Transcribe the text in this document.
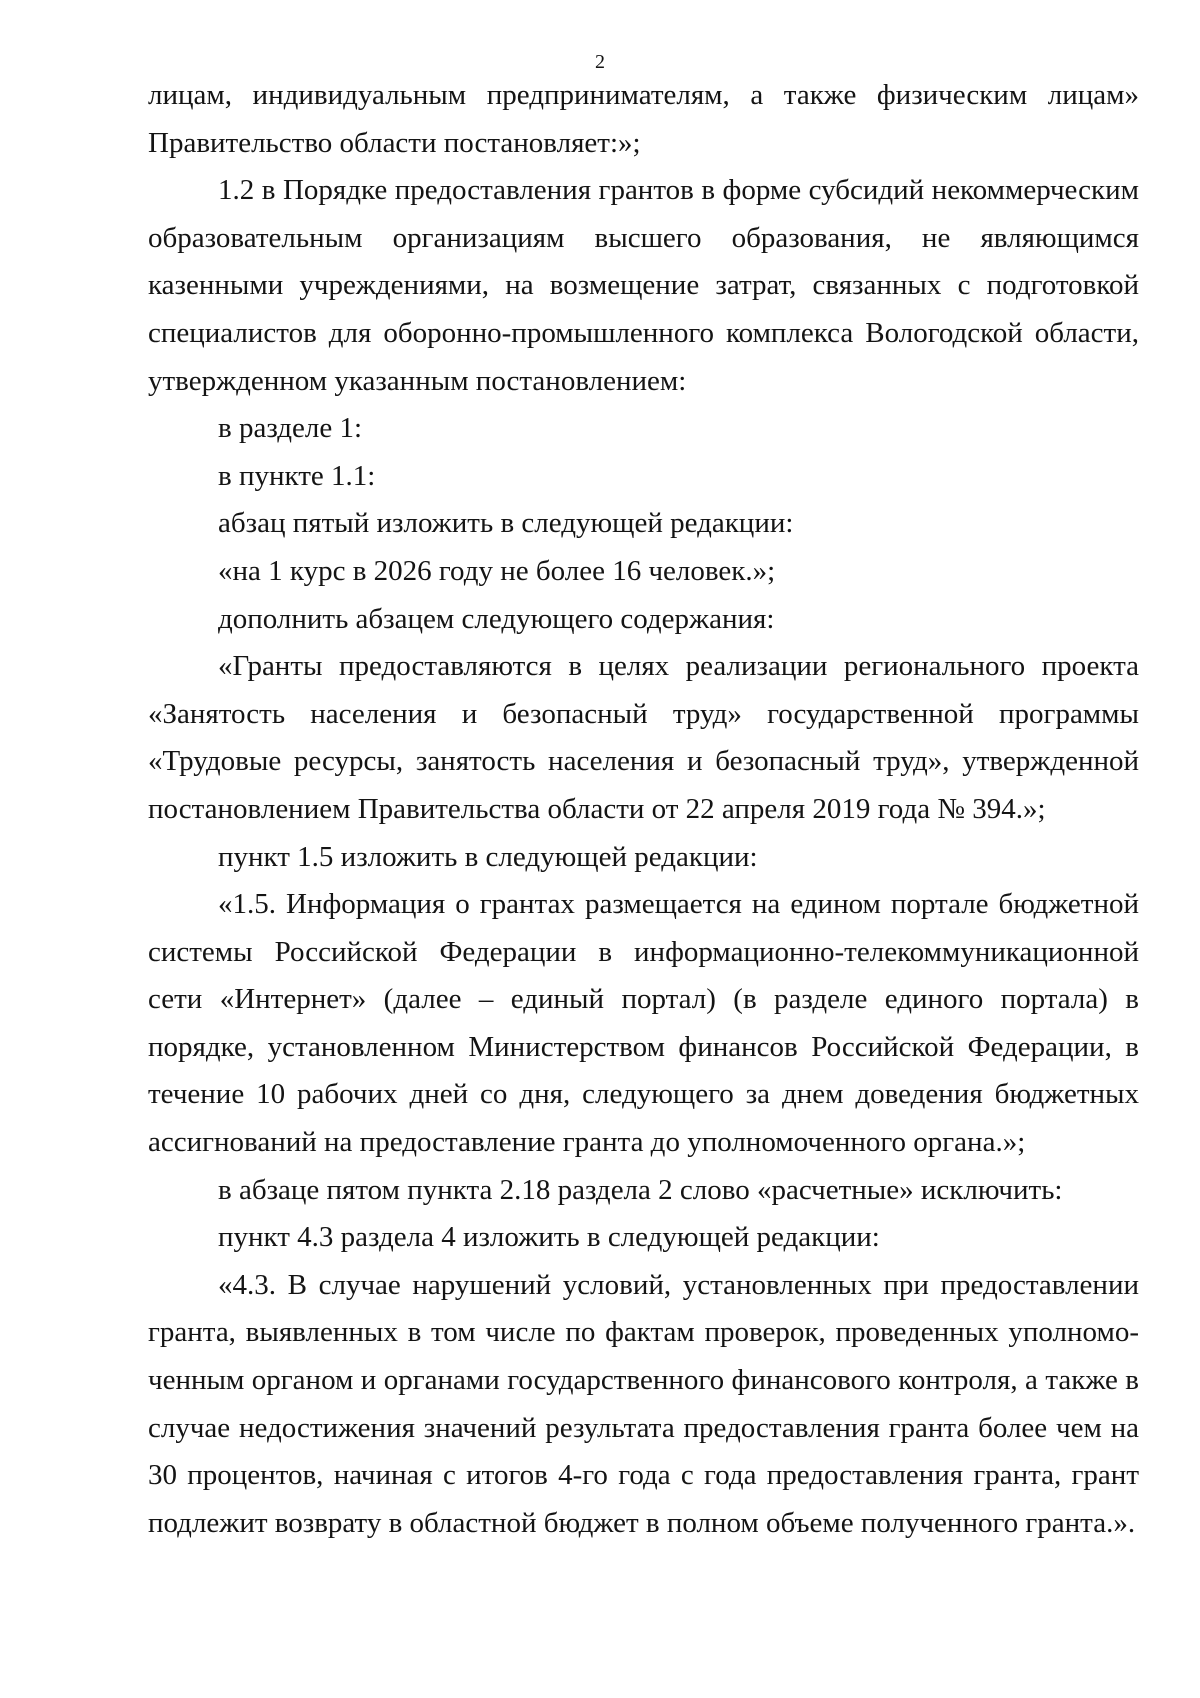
2

лицам, индивидуальным предпринимателям, а также физическим лицам» Правительство области постановляет:»;

1.2 в Порядке предоставления грантов в форме субсидий некоммерческим образовательным организациям высшего образования, не являющимся казенными учреждениями, на возмещение затрат, связанных с подготовкой специалистов для оборонно-промышленного комплекса Вологодской области, утвержденном указанным постановлением:

в разделе 1:

в пункте 1.1:

абзац пятый изложить в следующей редакции:

«на 1 курс в 2026 году не более 16 человек.»;

дополнить абзацем следующего содержания:

«Гранты предоставляются в целях реализации регионального проекта «Занятость населения и безопасный труд» государственной программы «Трудовые ресурсы, занятость населения и безопасный труд», утвержденной постановлением Правительства области от 22 апреля 2019 года № 394.»;

пункт 1.5 изложить в следующей редакции:

«1.5. Информация о грантах размещается на едином портале бюджетной системы Российской Федерации в информационно-телекоммуникационной сети «Интернет» (далее – единый портал) (в разделе единого портала) в порядке, установленном Министерством финансов Российской Федерации, в течение 10 рабочих дней со дня, следующего за днем доведения бюджетных ассигнований на предоставление гранта до уполномоченного органа.»;

в абзаце пятом пункта 2.18 раздела 2 слово «расчетные» исключить:

пункт 4.3 раздела 4 изложить в следующей редакции:

«4.3. В случае нарушений условий, установленных при предоставлении гранта, выявленных в том числе по фактам проверок, проведенных уполномоченным органом и органами государственного финансового контроля, а также в случае недостижения значений результата предоставления гранта более чем на 30 процентов, начиная с итогов 4-го года с года предоставления гранта, грант подлежит возврату в областной бюджет в полном объеме полученного гранта.».
